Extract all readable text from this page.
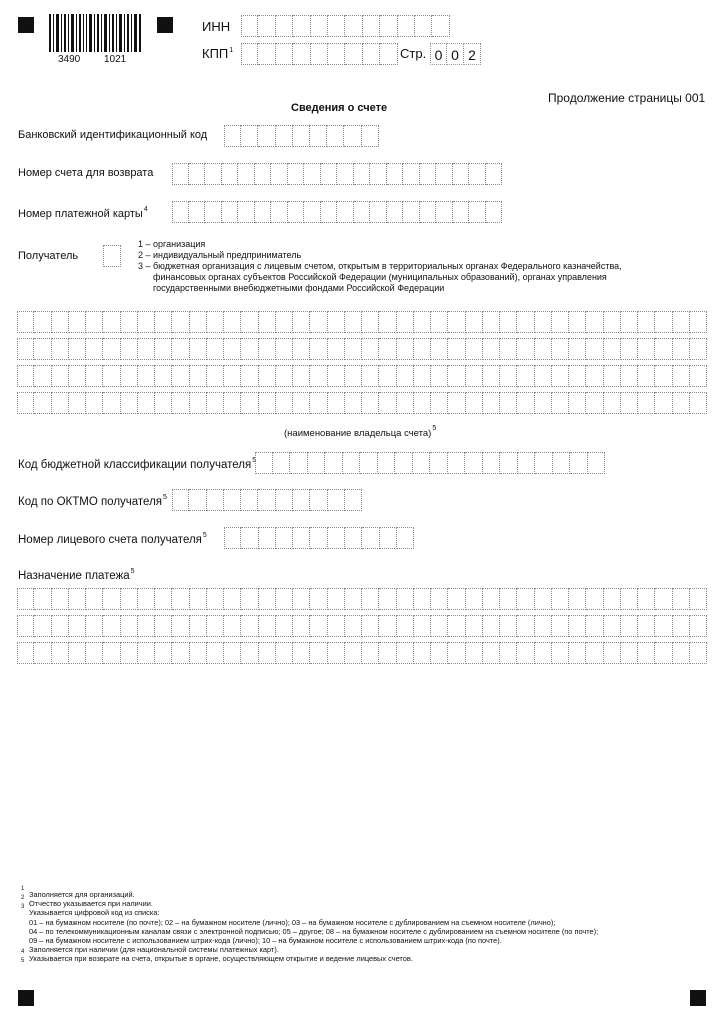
3490 1021
ИНН
КПП$^1$	Стр. 0 0 2
Продолжение страницы 001
Сведения о счете
Банковский идентификационный код
Номер счета для возврата
Номер платежной карты$^4$
Получатель
1 – организация
2 – индивидуальный предприниматель
3 – бюджетная организация с лицевым счетом, открытым в территориальных органах Федерального казначейства,
финансовых органах субъектов Российской Федерации (муниципальных образований), органах управления
государственными внебюджетными фондами Российской Федерации
(наименование владельца счета)$^5$
Код бюджетной классификации получателя$^5$
Код по ОКТМО получателя$^5$
Номер лицевого счета получателя$^5$
Назначение платежа$^5$
1
2
3
4
5
Заполняется для организаций.
Отчество указывается при наличии.
Указывается цифровой код из списка:
01 – на бумажном носителе (по почте); 02 – на бумажном носителе (лично); 03 – на бумажном носителе с дублированием на съемном носителе (лично);
04 – по телекоммуникационным каналам связи с электронной подписью; 05 – другое; 08 – на бумажном носителе с дублированием на съемном носителе (по почте);
09 – на бумажном носителе с использованием штрих-кода (лично); 10 – на бумажном носителе с использованием штрих-кода (по почте).
Заполняется при наличии (для национальной системы платежных карт).
Указывается при возврате на счета, открытые в органе, осуществляющем открытие и ведение лицевых счетов.
